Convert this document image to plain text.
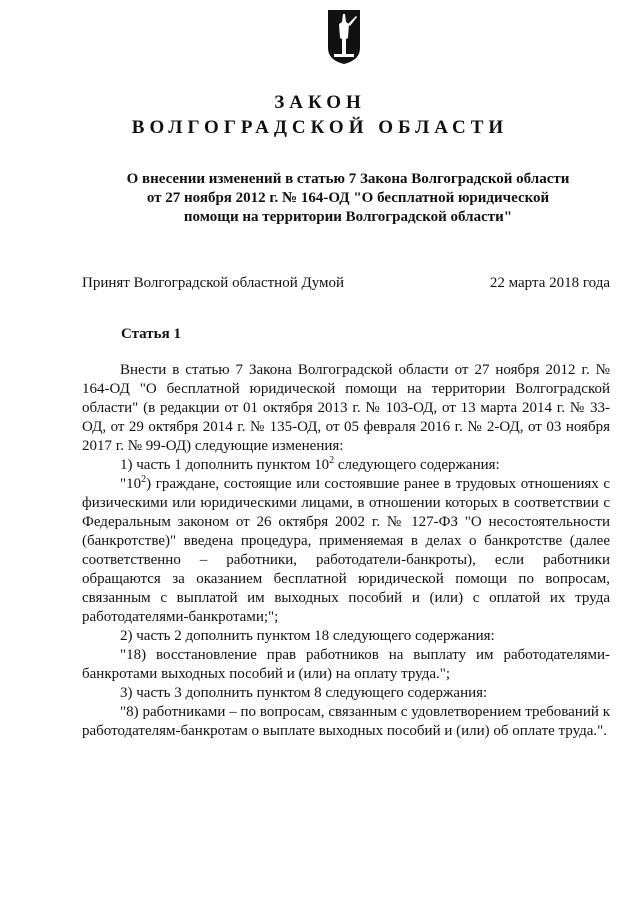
ЗАКОН
ВОЛГОГРАДСКОЙ ОБЛАСТИ
О внесении изменений в статью 7 Закона Волгоградской области
от 27 ноября 2012 г. № 164-ОД "О бесплатной юридической
помощи на территории Волгоградской области"
Принят Волгоградской областной Думой	22 марта 2018 года
Статья 1

Внести в статью 7 Закона Волгоградской области от 27 ноября 2012 г. № 164-ОД "О бесплатной юридической помощи на территории Волгоградской области" (в редакции от 01 октября 2013 г. № 103-ОД, от 13 марта 2014 г. № 33-ОД, от 29 октября 2014 г. № 135-ОД, от 05 февраля 2016 г. № 2-ОД, от 03 ноября 2017 г. № 99-ОД) следующие изменения:

1) часть 1 дополнить пунктом $10^2$ следующего содержания:

"$10^2$) граждане, состоящие или состоявшие ранее в трудовых отношениях с физическими или юридическими лицами, в отношении которых в соответствии с Федеральным законом от 26 октября 2002 г. № 127-ФЗ "О несостоятельности (банкротстве)" введена процедура, применяемая в делах о банкротстве (далее соответственно – работники, работодатели-банкроты), если работники обращаются за оказанием бесплатной юридической помощи по вопросам, связанным с выплатой им выходных пособий и (или) с оплатой их труда работодателями-банкротами;";

2) часть 2 дополнить пунктом 18 следующего содержания:

"18) восстановление прав работников на выплату им работодателями-банкротами выходных пособий и (или) на оплату труда.";

3) часть 3 дополнить пунктом 8 следующего содержания:

"8) работниками – по вопросам, связанным с удовлетворением требований к работодателям-банкротам о выплате выходных пособий и (или) об оплате труда.".
